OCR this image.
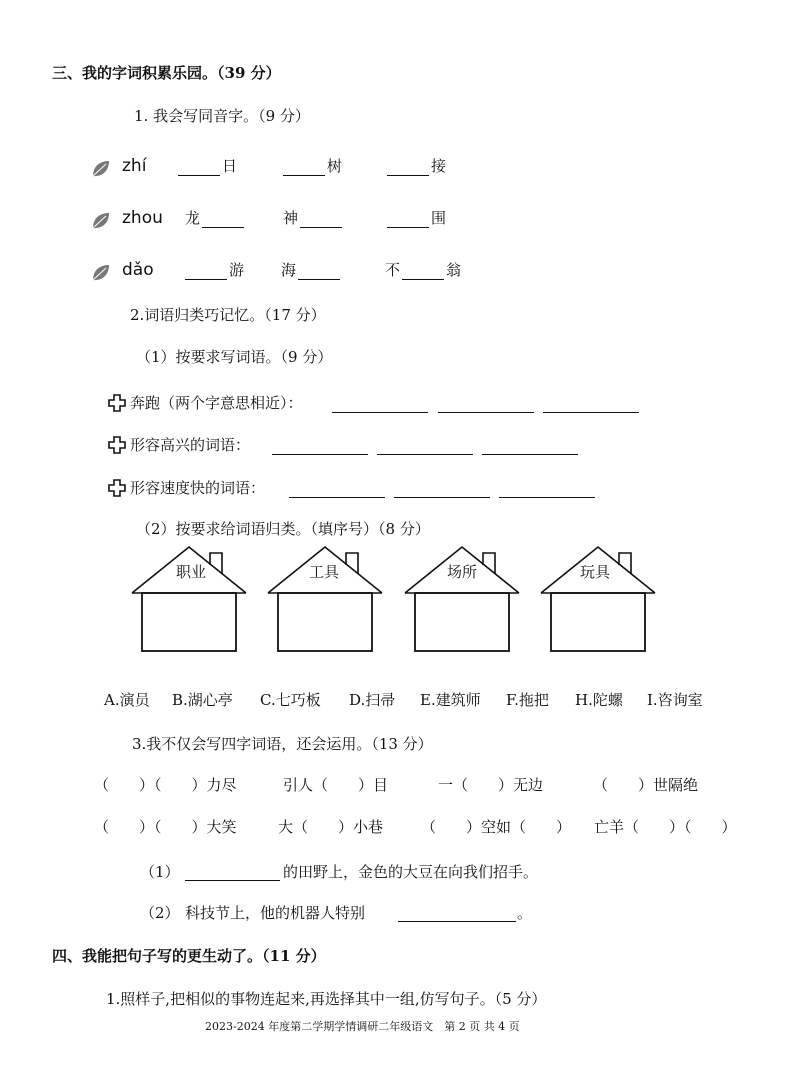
三、我的字词积累乐园。（39 分）
1. 我会写同音字。（9 分）
zhí	日	树	接
zhou 龙	神	围
dǎo	游 海	不	翁
2.词语归类巧记忆。（17 分）
（1）按要求写词语。（9 分）
奔跑（两个字意思相近）：
形容高兴的词语：
形容速度快的词语：
（2）按要求给词语归类。（填序号）（8 分）
职业	工具	场所	玩具
A.演员 B.湖心亭 C.七巧板 D.扫帚 E.建筑师 F.拖把 H.陀螺 I.咨询室
3.我不仅会写四字词语，还会运用。（13 分）
（　　）（　　）力尽	引人（　　）目	一（　　）无边	（　　）世隔绝
（　　）（　　）大笑	大（　　）小巷	（　　）空如（　　） 亡羊（　　）（　　）
（1）	的田野上，金色的大豆在向我们招手。
（2） 科技节上，他的机器人特别	。
四、我能把句子写的更生动了。（11 分）
1.照样子,把相似的事物连起来,再选择其中一组,仿写句子。（5 分）
2023-2024 年度第二学期学情调研二年级语文　第 2 页 共 4 页
